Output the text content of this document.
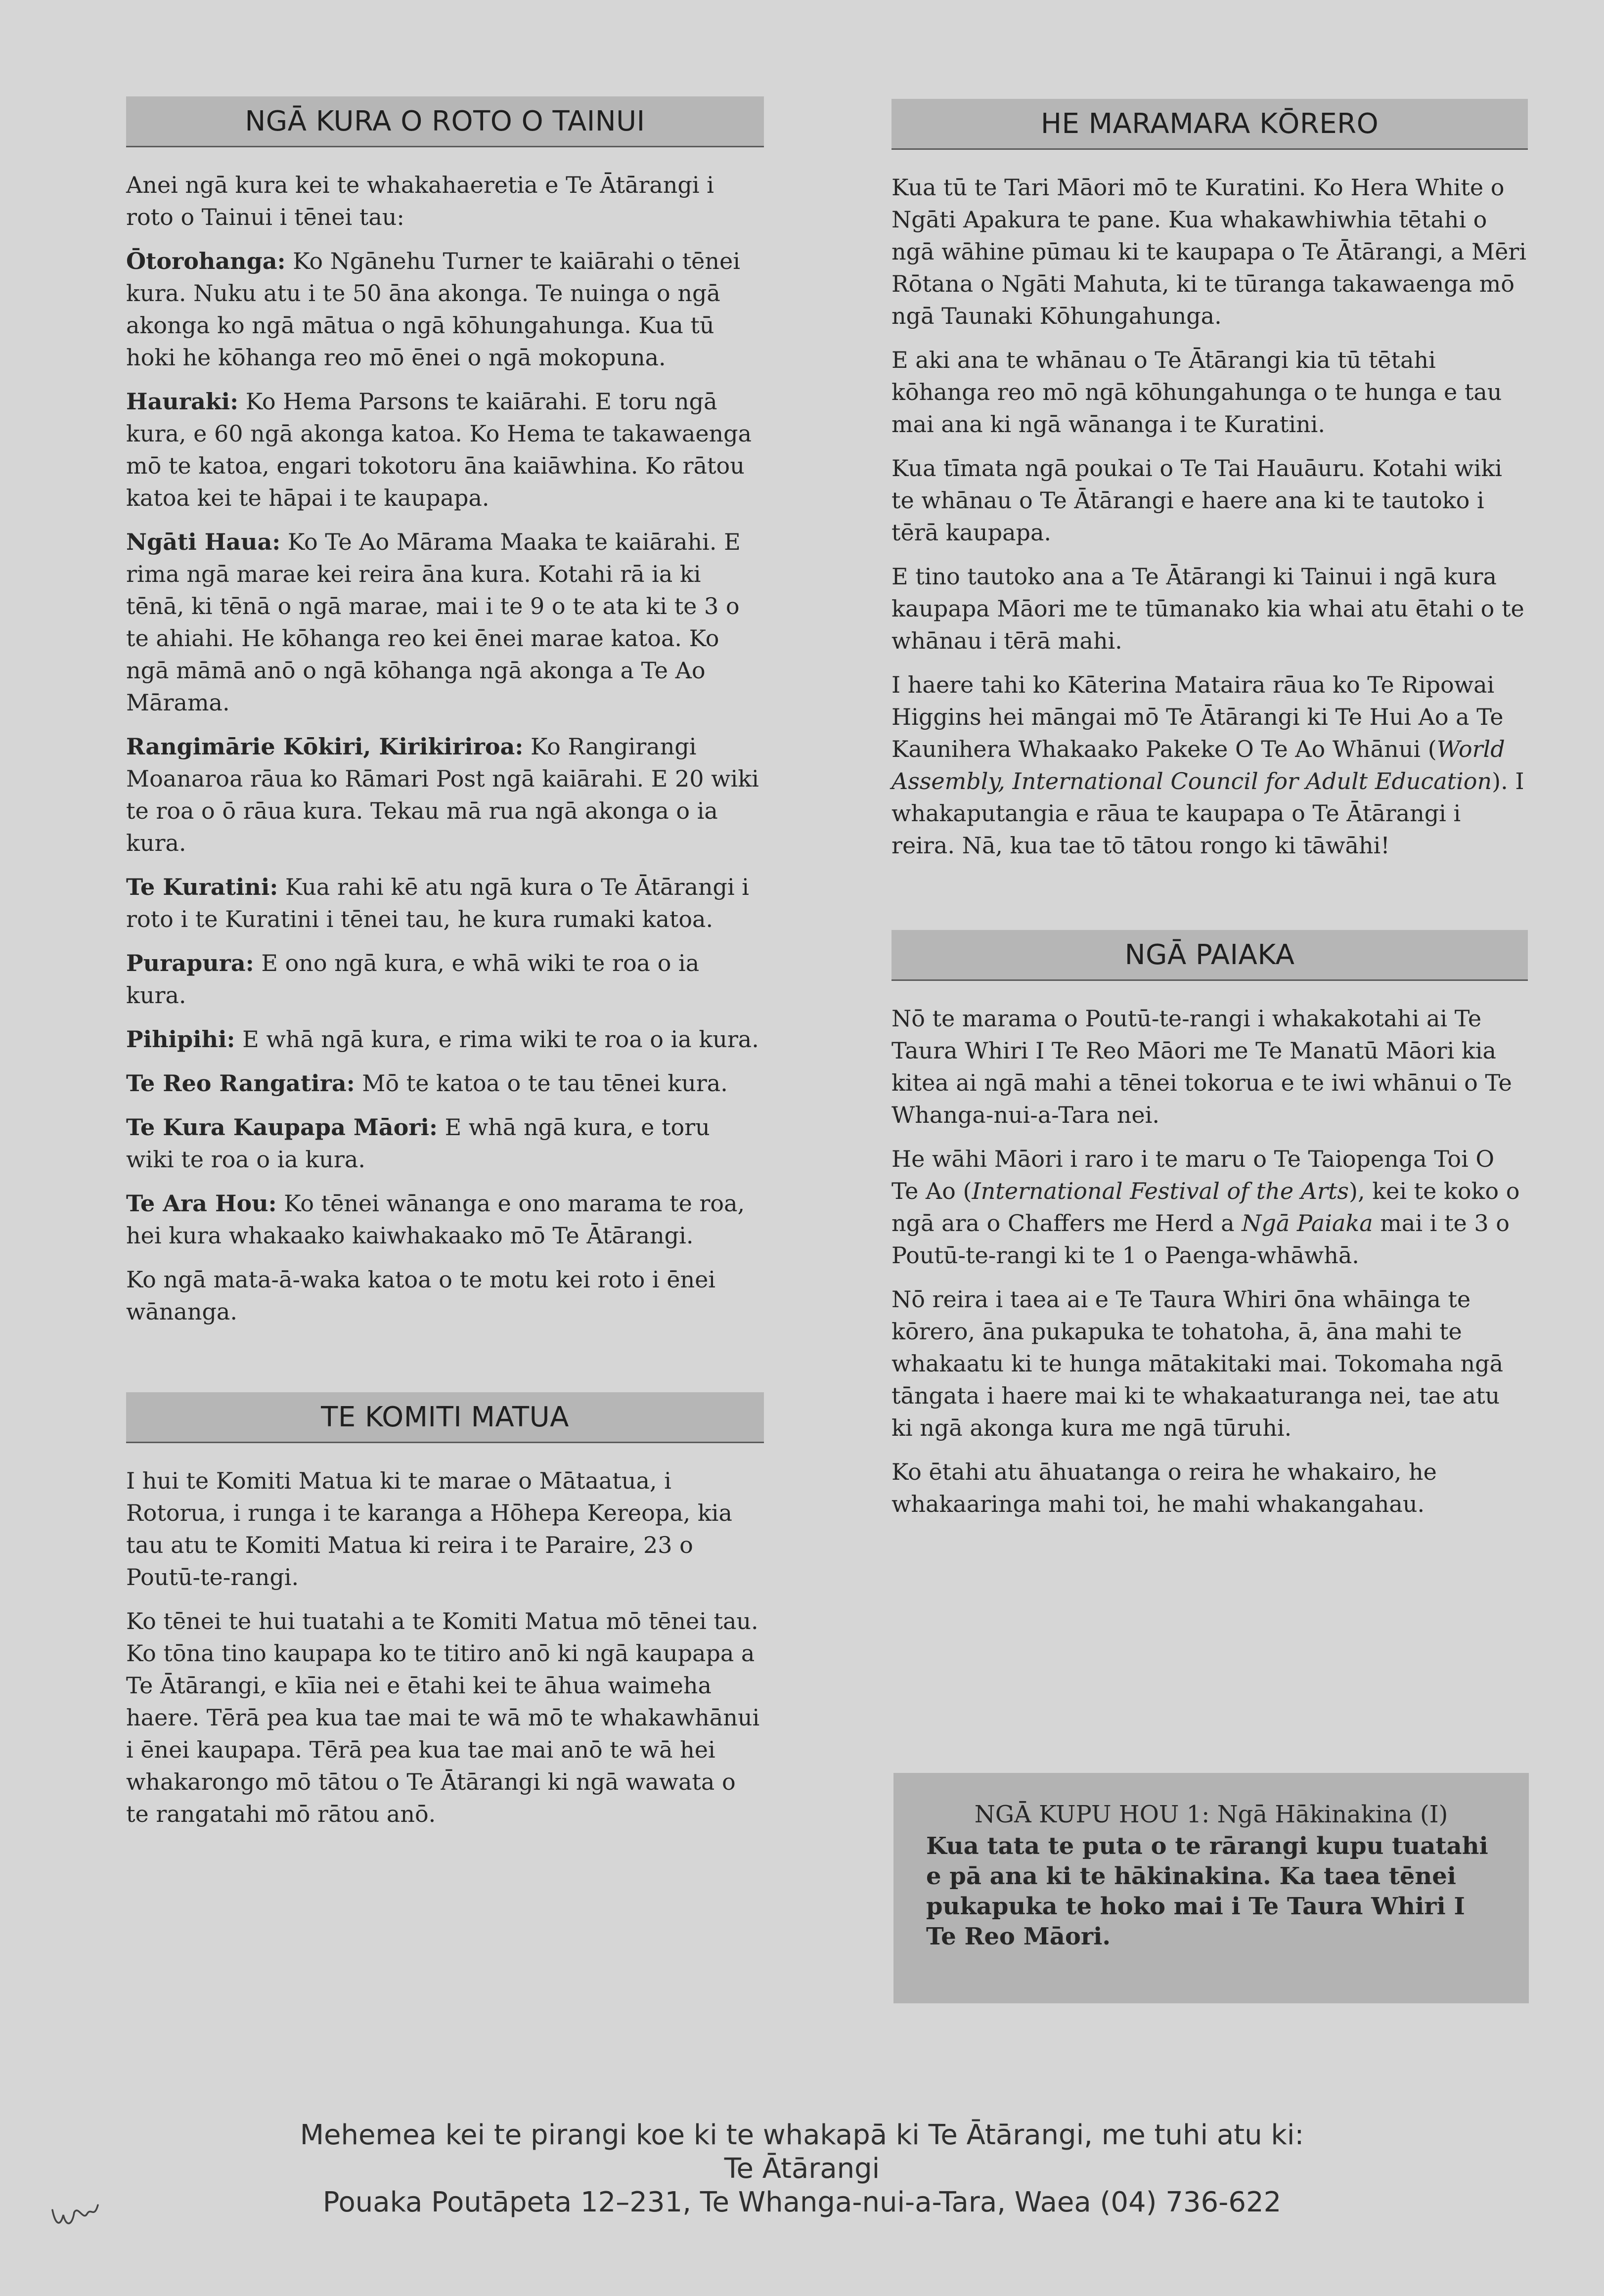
NGĀ KURA O ROTO O TAINUI

Anei ngā kura kei te whakahaeretia e Te Ātārangi i roto o Tainui i tēnei tau:

Ōtorohanga: Ko Ngānehu Turner te kaiārahi o tēnei kura. Nuku atu i te 50 āna akonga. Te nuinga o ngā akonga ko ngā mātua o ngā kōhungahunga. Kua tū hoki he kōhanga reo mō ēnei o ngā mokopuna.

Hauraki: Ko Hema Parsons te kaiārahi. E toru ngā kura, e 60 ngā akonga katoa. Ko Hema te takawaenga mō te katoa, engari tokotoru āna kaiāwhina. Ko rātou katoa kei te hāpai i te kaupapa.

Ngāti Haua: Ko Te Ao Mārama Maaka te kaiārahi. E rima ngā marae kei reira āna kura. Kotahi rā ia ki tēnā, ki tēnā o ngā marae, mai i te 9 o te ata ki te 3 o te ahiahi. He kōhanga reo kei ēnei marae katoa. Ko ngā māmā anō o ngā kōhanga ngā akonga a Te Ao Mārama.

Rangimārie Kōkiri, Kirikiriroa: Ko Rangirangi Moanaroa rāua ko Rāmari Post ngā kaiārahi. E 20 wiki te roa o ō rāua kura. Tekau mā rua ngā akonga o ia kura.

Te Kuratini: Kua rahi kē atu ngā kura o Te Ātārangi i roto i te Kuratini i tēnei tau, he kura rumaki katoa.

Purapura: E ono ngā kura, e whā wiki te roa o ia kura.

Pihipihi: E whā ngā kura, e rima wiki te roa o ia kura.

Te Reo Rangatira: Mō te katoa o te tau tēnei kura.

Te Kura Kaupapa Māori: E whā ngā kura, e toru wiki te roa o ia kura.

Te Ara Hou: Ko tēnei wānanga e ono marama te roa, hei kura whakaako kaiwhakaako mō Te Ātārangi.

Ko ngā mata-ā-waka katoa o te motu kei roto i ēnei wānanga.

TE KOMITI MATUA

I hui te Komiti Matua ki te marae o Mātaatua, i Rotorua, i runga i te karanga a Hōhepa Kereopa, kia tau atu te Komiti Matua ki reira i te Paraire, 23 o Poutū-te-rangi.

Ko tēnei te hui tuatahi a te Komiti Matua mō tēnei tau. Ko tōna tino kaupapa ko te titiro anō ki ngā kaupapa a Te Ātārangi, e kīia nei e ētahi kei te āhua waimeha haere. Tērā pea kua tae mai te wā mō te whakawhānui i ēnei kaupapa. Tērā pea kua tae mai anō te wā hei whakarongo mō tātou o Te Ātārangi ki ngā wawata o te rangatahi mō rātou anō.

HE MARAMARA KŌRERO

Kua tū te Tari Māori mō te Kuratini. Ko Hera White o Ngāti Apakura te pane. Kua whakawhiwhia tētahi o ngā wāhine pūmau ki te kaupapa o Te Ātārangi, a Mēri Rōtana o Ngāti Mahuta, ki te tūranga takawaenga mō ngā Taunaki Kōhungahunga.

E aki ana te whānau o Te Ātārangi kia tū tētahi kōhanga reo mō ngā kōhungahunga o te hunga e tau mai ana ki ngā wānanga i te Kuratini.

Kua tīmata ngā poukai o Te Tai Hauāuru. Kotahi wiki te whānau o Te Ātārangi e haere ana ki te tautoko i tērā kaupapa.

E tino tautoko ana a Te Ātārangi ki Tainui i ngā kura kaupapa Māori me te tūmanako kia whai atu ētahi o te whānau i tērā mahi.

I haere tahi ko Kāterina Mataira rāua ko Te Ripowai Higgins hei māngai mō Te Ātārangi ki Te Hui Ao a Te Kaunihera Whakaako Pakeke O Te Ao Whānui (World Assembly, International Council for Adult Education). I whakaputangia e rāua te kaupapa o Te Ātārangi i reira. Nā, kua tae tō tātou rongo ki tāwāhi!

NGĀ PAIAKA

Nō te marama o Poutū-te-rangi i whakakotahi ai Te Taura Whiri I Te Reo Māori me Te Manatū Māori kia kitea ai ngā mahi a tēnei tokorua e te iwi whānui o Te Whanga-nui-a-Tara nei.

He wāhi Māori i raro i te maru o Te Taiopenga Toi O Te Ao (International Festival of the Arts), kei te koko o ngā ara o Chaffers me Herd a Ngā Paiaka mai i te 3 o Poutū-te-rangi ki te 1 o Paenga-whāwhā.

Nō reira i taea ai e Te Taura Whiri ōna whāinga te kōrero, āna pukapuka te tohatoha, ā, āna mahi te whakaatu ki te hunga mātakitaki mai. Tokomaha ngā tāngata i haere mai ki te whakaaturanga nei, tae atu ki ngā akonga kura me ngā tūruhi.

Ko ētahi atu āhuatanga o reira he whakairo, he whakaaringa mahi toi, he mahi whakangahau.

NGĀ KUPU HOU 1: Ngā Hākinakina (I)
Kua tata te puta o te rārangi kupu tuatahi e pā ana ki te hākinakina. Ka taea tēnei pukapuka te hoko mai i Te Taura Whiri I Te Reo Māori.
Mehemea kei te pirangi koe ki te whakapā ki Te Ātārangi, me tuhi atu ki:
Te Ātārangi
Pouaka Poutāpeta 12–231, Te Whanga-nui-a-Tara, Waea (04) 736-622
